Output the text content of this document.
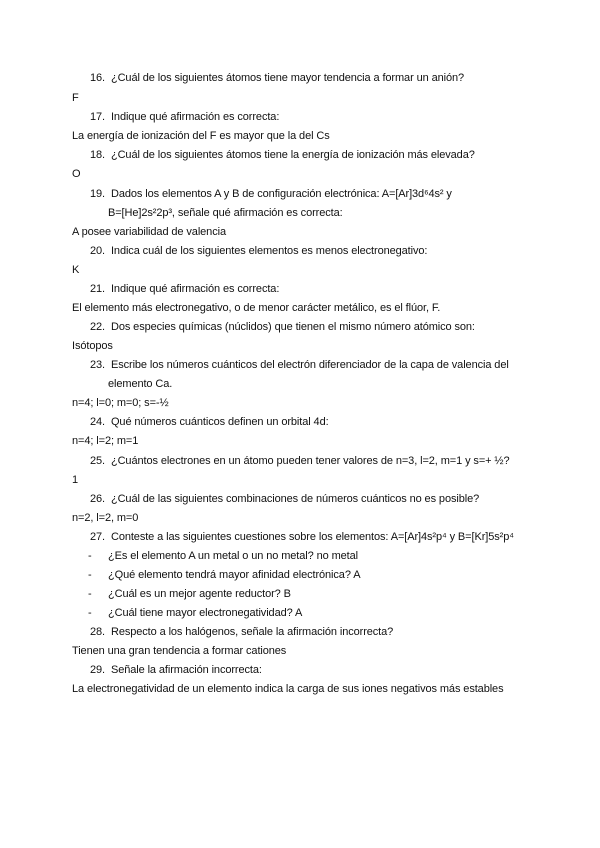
16. ¿Cuál de los siguientes átomos tiene mayor tendencia a formar un anión?
F
17. Indique qué afirmación es correcta:
La energía de ionización del F es mayor que la del Cs
18. ¿Cuál de los siguientes átomos tiene la energía de ionización más elevada?
O
19. Dados los elementos A y B de configuración electrónica: A=[Ar]3d⁶4s² y
B=[He]2s²2p³, señale qué afirmación es correcta:
A posee variabilidad de valencia
20. Indica cuál de los siguientes elementos es menos electronegativo:
K
21. Indique qué afirmación es correcta:
El elemento más electronegativo, o de menor carácter metálico, es el flúor, F.
22. Dos especies químicas (núclidos) que tienen el mismo número atómico son:
Isótopos
23. Escribe los números cuánticos del electrón diferenciador de la capa de valencia del
elemento Ca.
n=4; l=0; m=0; s=-½
24. Qué números cuánticos definen un orbital 4d:
n=4; l=2; m=1
25. ¿Cuántos electrones en un átomo pueden tener valores de n=3, l=2, m=1 y s=+ ½?
1
26. ¿Cuál de las siguientes combinaciones de números cuánticos no es posible?
n=2, l=2, m=0
27. Conteste a las siguientes cuestiones sobre los elementos: A=[Ar]4s²p⁴ y B=[Kr]5s²p⁴
- ¿Es el elemento A un metal o un no metal? no metal
- ¿Qué elemento tendrá mayor afinidad electrónica? A
- ¿Cuál es un mejor agente reductor? B
- ¿Cuál tiene mayor electronegatividad? A
28. Respecto a los halógenos, señale la afirmación incorrecta?
Tienen una gran tendencia a formar cationes
29. Señale la afirmación incorrecta:
La electronegatividad de un elemento indica la carga de sus iones negativos más estables
